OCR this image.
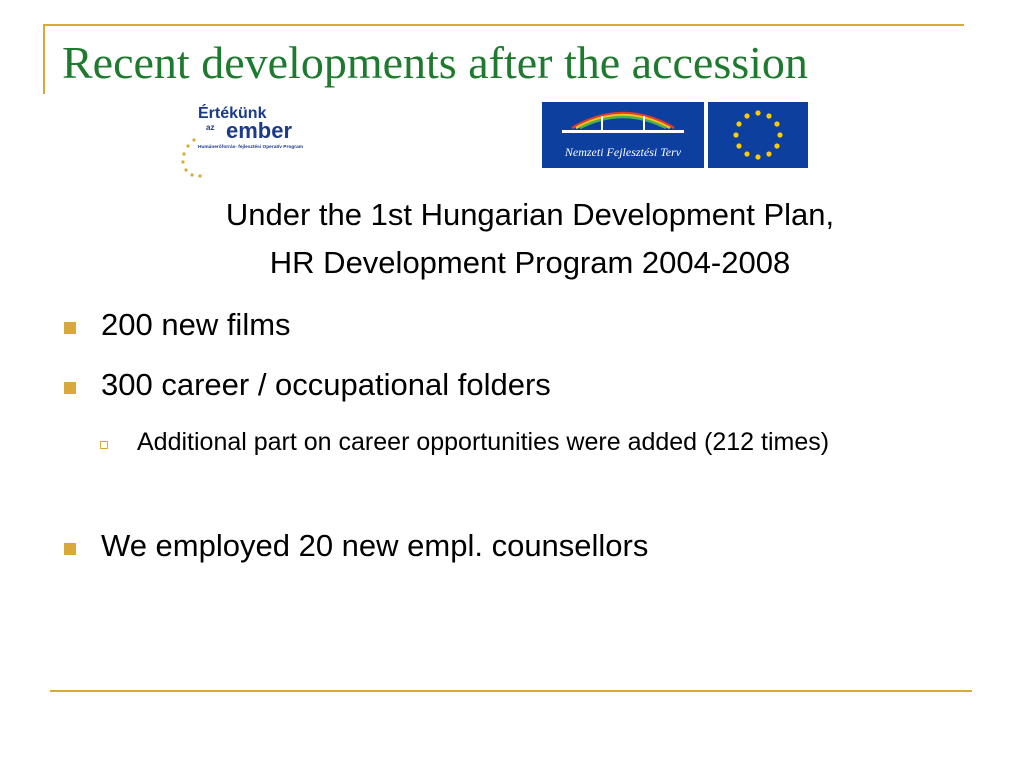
Recent developments after the accession
Értékünk
az ember
Humánerőforrás- fejlesztési Operatív Program	Nemzeti Fejlesztési Terv
Under the 1st Hungarian Development Plan,
HR Development Program 2004-2008
200 new films
300 career / occupational folders
Additional part on career opportunities were added (212 times)
We employed 20 new empl. counsellors
